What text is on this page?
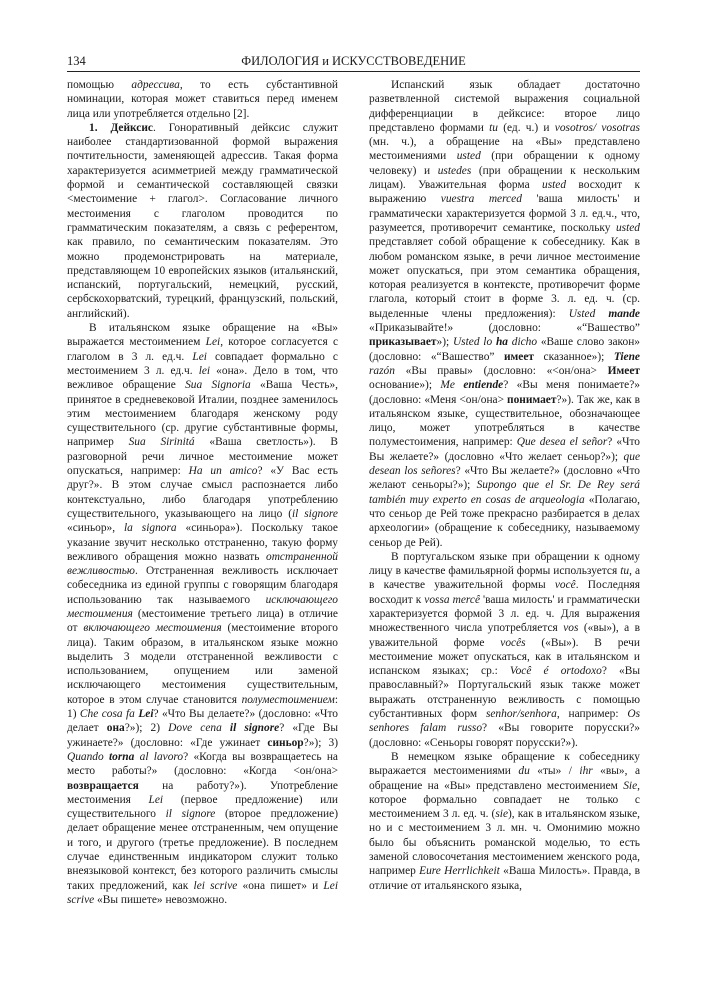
134	ФИЛОЛОГИЯ и ИСКУССТВОВЕДЕНИЕ

помощью адрессива, то есть субстантивной номинации, которая может ставиться перед именем лица или употребляется отдельно [2].

1. Дейксис. Гоноративный дейксис служит наиболее стандартизованной формой выражения почтительности, заменяющей адрессив. Такая форма характеризуется асимметрией между грамматической формой и семантической составляющей связки <местоимение + глагол>. Согласование личного местоимения с глаголом проводится по грамматическим показателям, а связь с референтом, как правило, по семантическим показателям. Это можно продемонстрировать на материале, представляющем 10 европейских языков (итальянский, испанский, португальский, немецкий, русский, сербскохорватский, турецкий, французский, польский, английский).

В итальянском языке обращение на «Вы» выражается местоимением Lei, которое согласуется с глаголом в 3 л. ед.ч. Lei совпадает формально с местоимением 3 л. ед.ч. lei «она». Дело в том, что вежливое обращение Sua Signoria «Ваша Честь», принятое в средневековой Италии, позднее заменилось этим местоимением благодаря женскому роду существительного (ср. другие субстантивные формы, например Sua Sirinitá «Ваша светлость»). В разговорной речи личное местоимение может опускаться, например: Ha un amico? «У Вас есть друг?». В этом случае смысл распознается либо контекстуально, либо благодаря употреблению существительного, указывающего на лицо (il signore «синьор», la signora «синьора»). Поскольку такое указание звучит несколько отстраненно, такую форму вежливого обращения можно назвать отстраненной вежливостью. Отстраненная вежливость исключает собеседника из единой группы с говорящим благодаря использованию так называемого исключающего местоимения (местоимение третьего лица) в отличие от включающего местоимения (местоимение второго лица). Таким образом, в итальянском языке можно выделить 3 модели отстраненной вежливости с использованием, опущением или заменой исключающего местоимения существительным, которое в этом случае становится полуместоимением: 1) Che cosa fa Lei? «Что Вы делаете?» (дословно: «Что делает она?»); 2) Dove cena il signore? «Где Вы ужинаете?» (дословно: «Где ужинает синьор?»); 3) Quando torna al lavoro? «Когда вы возвращаетесь на место работы?» (дословно: «Когда <он/она> возвращается на работу?»). Употребление местоимения Lei (первое предложение) или существительного il signore (второе предложение) делает обращение менее отстраненным, чем опущение и того, и другого (третье предложение). В последнем случае единственным индикатором служит только внеязыковой контекст, без которого различить смыслы таких предложений, как lei scrive «она пишет» и Lei scrive «Вы пишете» невозможно.

Испанский язык обладает достаточно разветвленной системой выражения социальной дифференциации в дейксисе: второе лицо представлено формами tu (ед. ч.) и vosotros/ vosotras (мн. ч.), а обращение на «Вы» представлено местоимениями usted (при обращении к одному человеку) и ustedes (при обращении к нескольким лицам). Уважительная форма usted восходит к выражению vuestra merced 'ваша милость' и грамматически характеризуется формой 3 л. ед.ч., что, разумеется, противоречит семантике, поскольку usted представляет собой обращение к собеседнику. Как в любом романском языке, в речи личное местоимение может опускаться, при этом семантика обращения, которая реализуется в контексте, противоречит форме глагола, который стоит в форме 3. л. ед. ч. (ср. выделенные члены предложения): Usted mande «Приказывайте!» (дословно: «“Вашество” приказывает»); Usted lo ha dicho «Ваше слово закон» (дословно: «“Вашество” имеет сказанное»); Tiene razón «Вы правы» (дословно: «<он/она> Имеет основание»); Me entiende? «Вы меня понимаете?» (дословно: «Меня <он/она> понимает?»). Так же, как в итальянском языке, существительное, обозначающее лицо, может употребляться в качестве полуместоимения, например: Que desea el señor? «Что Вы желаете?» (дословно «Что желает сеньор?»); que desean los señores? «Что Вы желаете?» (дословно «Что желают сеньоры?»); Supongo que el Sr. De Rey será también muy experto en cosas de arqueologia «Полагаю, что сеньор де Рей тоже прекрасно разбирается в делах археологии» (обращение к собеседнику, называемому сеньор де Рей).

В португальском языке при обращении к одному лицу в качестве фамильярной формы используется tu, а в качестве уважительной формы você. Последняя восходит к vossa mercê 'ваша милость' и грамматически характеризуется формой 3 л. ед. ч. Для выражения множественного числа употребляется vos («вы»), а в уважительной форме vocês («Вы»). В речи местоимение может опускаться, как в итальянском и испанском языках; ср.: Você é ortodoxo? «Вы православный?» Португальский язык также может выражать отстраненную вежливость с помощью субстантивных форм senhor/senhora, например: Os senhores falam russo? «Вы говорите порусски?» (дословно: «Сеньоры говорят порусски?»).

В немецком языке обращение к собеседнику выражается местоимениями du «ты» / ihr «вы», а обращение на «Вы» представлено местоимением Sie, которое формально совпадает не только с местоимением 3 л. ед. ч. (sie), как в итальянском языке, но и с местоимением 3 л. мн. ч. Омонимию можно было бы объяснить романской моделью, то есть заменой словосочетания местоимением женского рода, например Eure Herrlichkeit «Ваша Милость». Правда, в отличие от итальянского языка,
